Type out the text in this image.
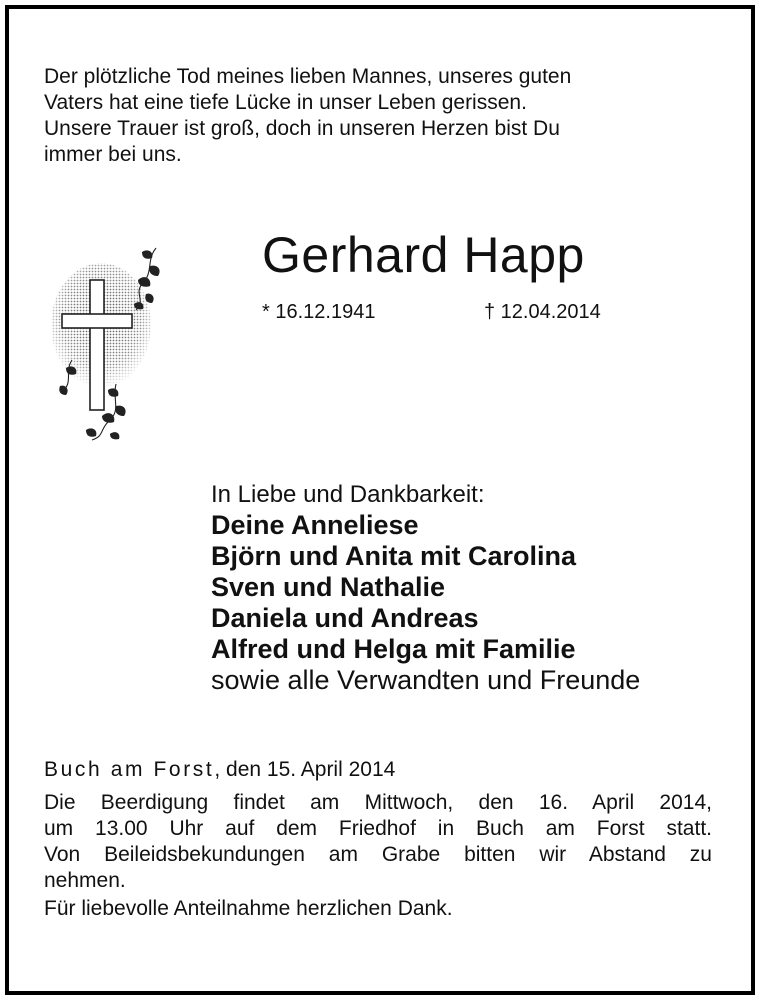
Der plötzliche Tod meines lieben Mannes, unseres guten
Vaters hat eine tiefe Lücke in unser Leben gerissen.
Unsere Trauer ist groß, doch in unseren Herzen bist Du
immer bei uns.
Gerhard Happ
* 16.12.1941	† 12.04.2014
In Liebe und Dankbarkeit:
Deine Anneliese
Björn und Anita mit Carolina
Sven und Nathalie
Daniela und Andreas
Alfred und Helga mit Familie
sowie alle Verwandten und Freunde
Buch am Forst, den 15. April 2014
Die Beerdigung findet am Mittwoch, den 16. April 2014,
um 13.00 Uhr auf dem Friedhof in Buch am Forst statt.
Von Beileidsbekundungen am Grabe bitten wir Abstand zu
nehmen.
Für liebevolle Anteilnahme herzlichen Dank.
